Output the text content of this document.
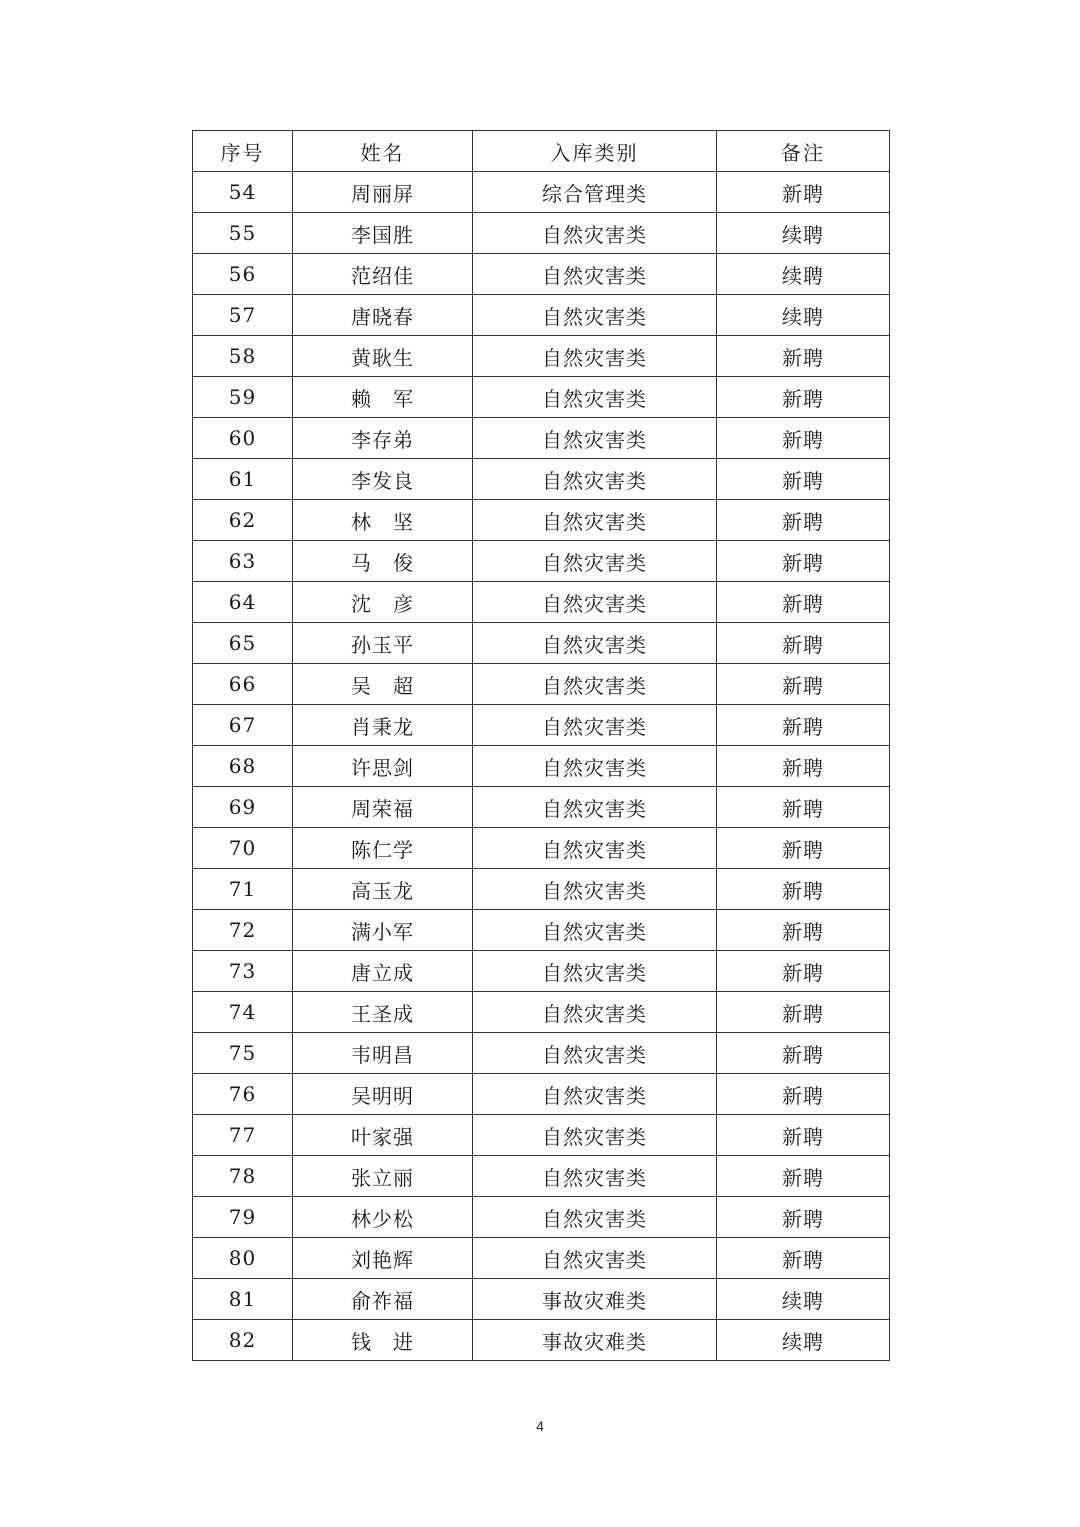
序号	姓名	入库类别	备注
54	周丽屏	综合管理类	新聘
55	李国胜	自然灾害类	续聘
56	范绍佳	自然灾害类	续聘
57	唐晓春	自然灾害类	续聘
58	黄耿生	自然灾害类	新聘
59	赖　军	自然灾害类	新聘
60	李存弟	自然灾害类	新聘
61	李发良	自然灾害类	新聘
62	林　坚	自然灾害类	新聘
63	马　俊	自然灾害类	新聘
64	沈　彦	自然灾害类	新聘
65	孙玉平	自然灾害类	新聘
66	吴　超	自然灾害类	新聘
67	肖秉龙	自然灾害类	新聘
68	许思剑	自然灾害类	新聘
69	周荣福	自然灾害类	新聘
70	陈仁学	自然灾害类	新聘
71	高玉龙	自然灾害类	新聘
72	满小军	自然灾害类	新聘
73	唐立成	自然灾害类	新聘
74	王圣成	自然灾害类	新聘
75	韦明昌	自然灾害类	新聘
76	吴明明	自然灾害类	新聘
77	叶家强	自然灾害类	新聘
78	张立丽	自然灾害类	新聘
79	林少松	自然灾害类	新聘
80	刘艳辉	自然灾害类	新聘
81	俞祚福	事故灾难类	续聘
82	钱　进	事故灾难类	续聘
4
